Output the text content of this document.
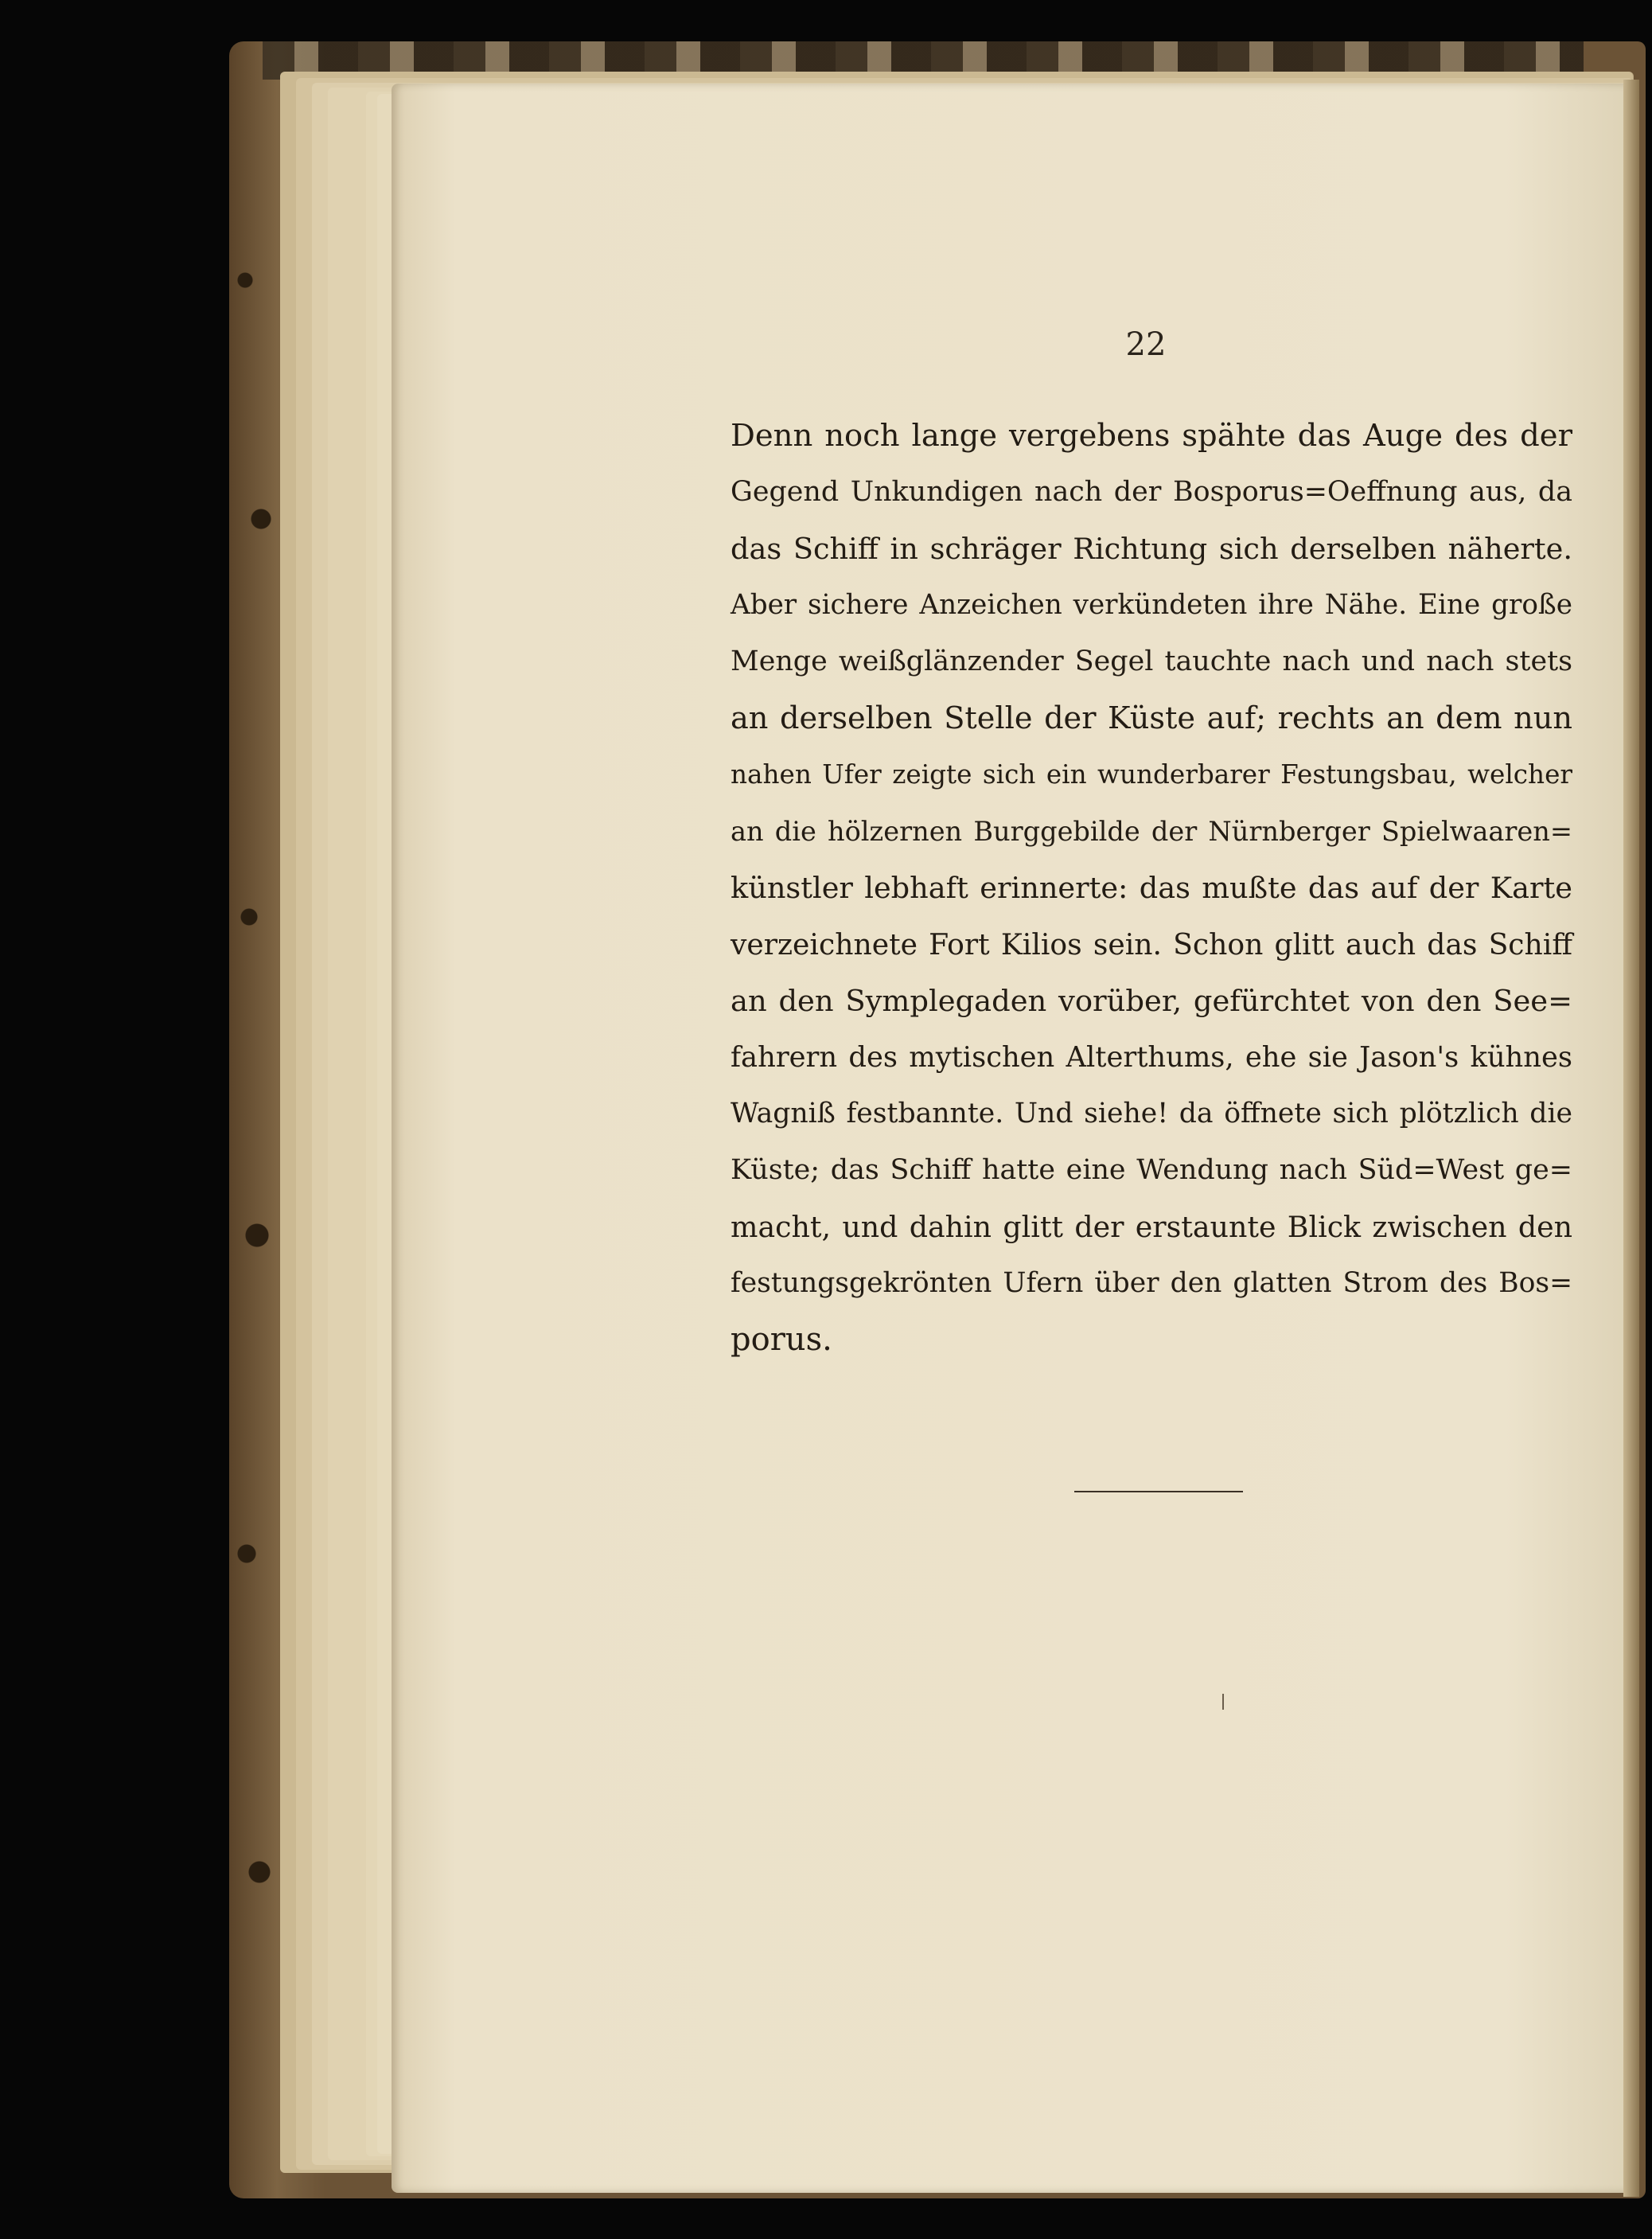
22
Denn noch lange vergebens spähte das Auge des der
Gegend Unkundigen nach der Bosporus=Oeffnung aus, da
das Schiff in schräger Richtung sich derselben näherte.
Aber sichere Anzeichen verkündeten ihre Nähe. Eine große
Menge weißglänzender Segel tauchte nach und nach stets
an derselben Stelle der Küste auf; rechts an dem nun
nahen Ufer zeigte sich ein wunderbarer Festungsbau, welcher
an die hölzernen Burggebilde der Nürnberger Spielwaaren=
künstler lebhaft erinnerte: das mußte das auf der Karte
verzeichnete Fort Kilios sein. Schon glitt auch das Schiff
an den Symplegaden vorüber, gefürchtet von den See=
fahrern des mytischen Alterthums, ehe sie Jason's kühnes
Wagniß festbannte. Und siehe! da öffnete sich plötzlich die
Küste; das Schiff hatte eine Wendung nach Süd=West ge=
macht, und dahin glitt der erstaunte Blick zwischen den
festungsgekrönten Ufern über den glatten Strom des Bos=
porus.
